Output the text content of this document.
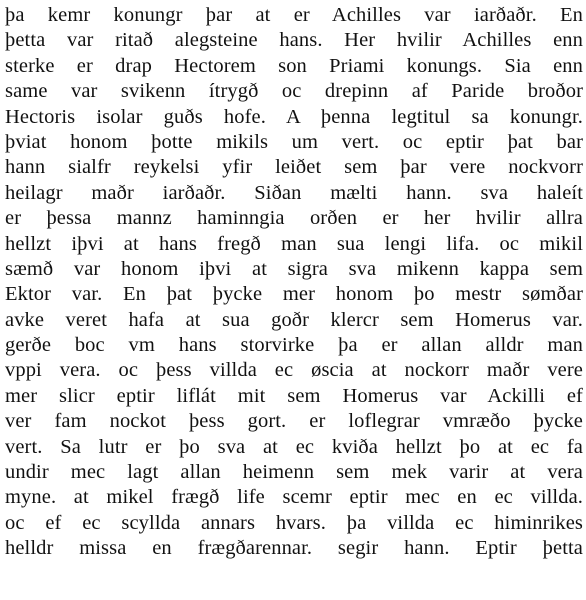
þa kemr konungr þar at er Achilles var iarðaðr. En
þetta var ritað alegsteine hans. Her hvilir Achilles enn
sterke er drap Hectorem son Priami konungs. Sia enn
same var svikenn ítrygð oc drepinn af Paride broðor
Hectoris isolar guðs hofe. A þenna legtitul sa konungr.
þviat honom þotte mikils um vert. oc eptir þat bar
hann sialfr reykelsi yfir leiðet sem þar vere nockvorr
heilagr maðr iarðaðr. Siðan mælti hann. sva haleít
er þessa mannz haminngia orðen er her hvilir allra
hellzt iþvi at hans fregð man sua lengi lifa. oc mikil
sæmð var honom iþvi at sigra sva mikenn kappa sem
Ektor var. En þat þycke mer honom þo mestr sømðar
avke veret hafa at sua goðr klercr sem Homerus var.
gerðe boc vm hans storvirke þa er allan alldr man
vppi vera. oc þess villda ec øscia at nockorr maðr vere
mer slicr eptir liflát mit sem Homerus var Ackilli ef
ver fam nockot þess gort. er loflegrar vmræðo þycke
vert. Sa lutr er þo sva at ec kviða hellzt þo at ec fa
undir mec lagt allan heimenn sem mek varir at vera
myne. at mikel frægð life scemr eptir mec en ec villda.
oc ef ec scyllda annars hvars. þa villda ec himinrikes
helldr missa en frægðarennar. segir hann. Eptir þetta
